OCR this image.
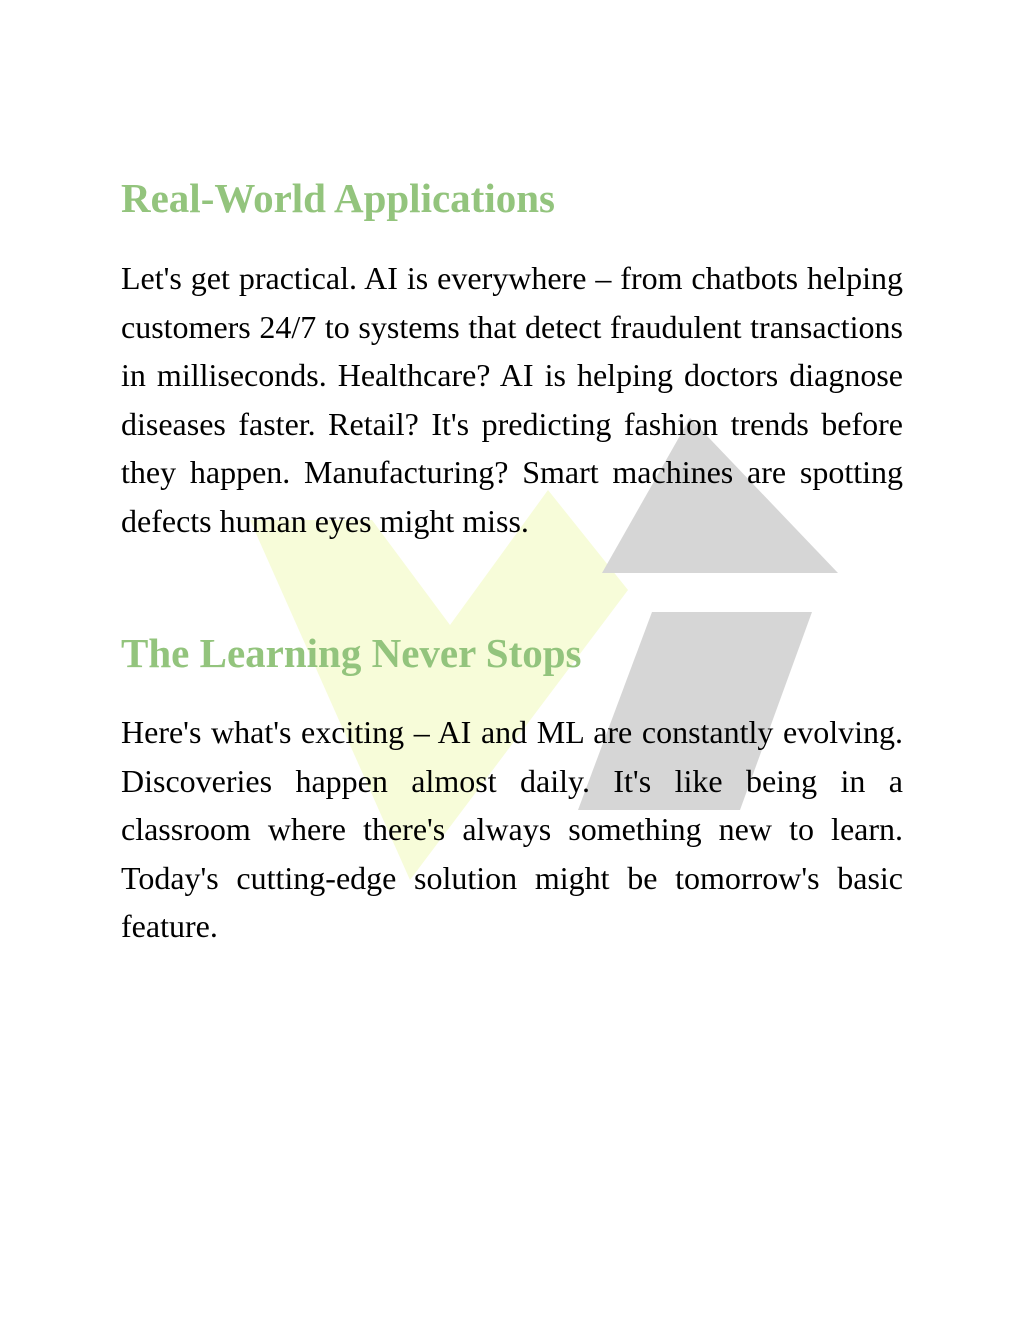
Real-World Applications

Let's get practical. AI is everywhere – from chatbots helping customers 24/7 to systems that detect fraudulent transactions in milliseconds. Healthcare? AI is helping doctors diagnose diseases faster. Retail? It's predicting fashion trends before they happen. Manufacturing? Smart machines are spotting defects human eyes might miss.

The Learning Never Stops

Here's what's exciting – AI and ML are constantly evolving. Discoveries happen almost daily. It's like being in a classroom where there's always something new to learn. Today's cutting-edge solution might be tomorrow's basic feature.
